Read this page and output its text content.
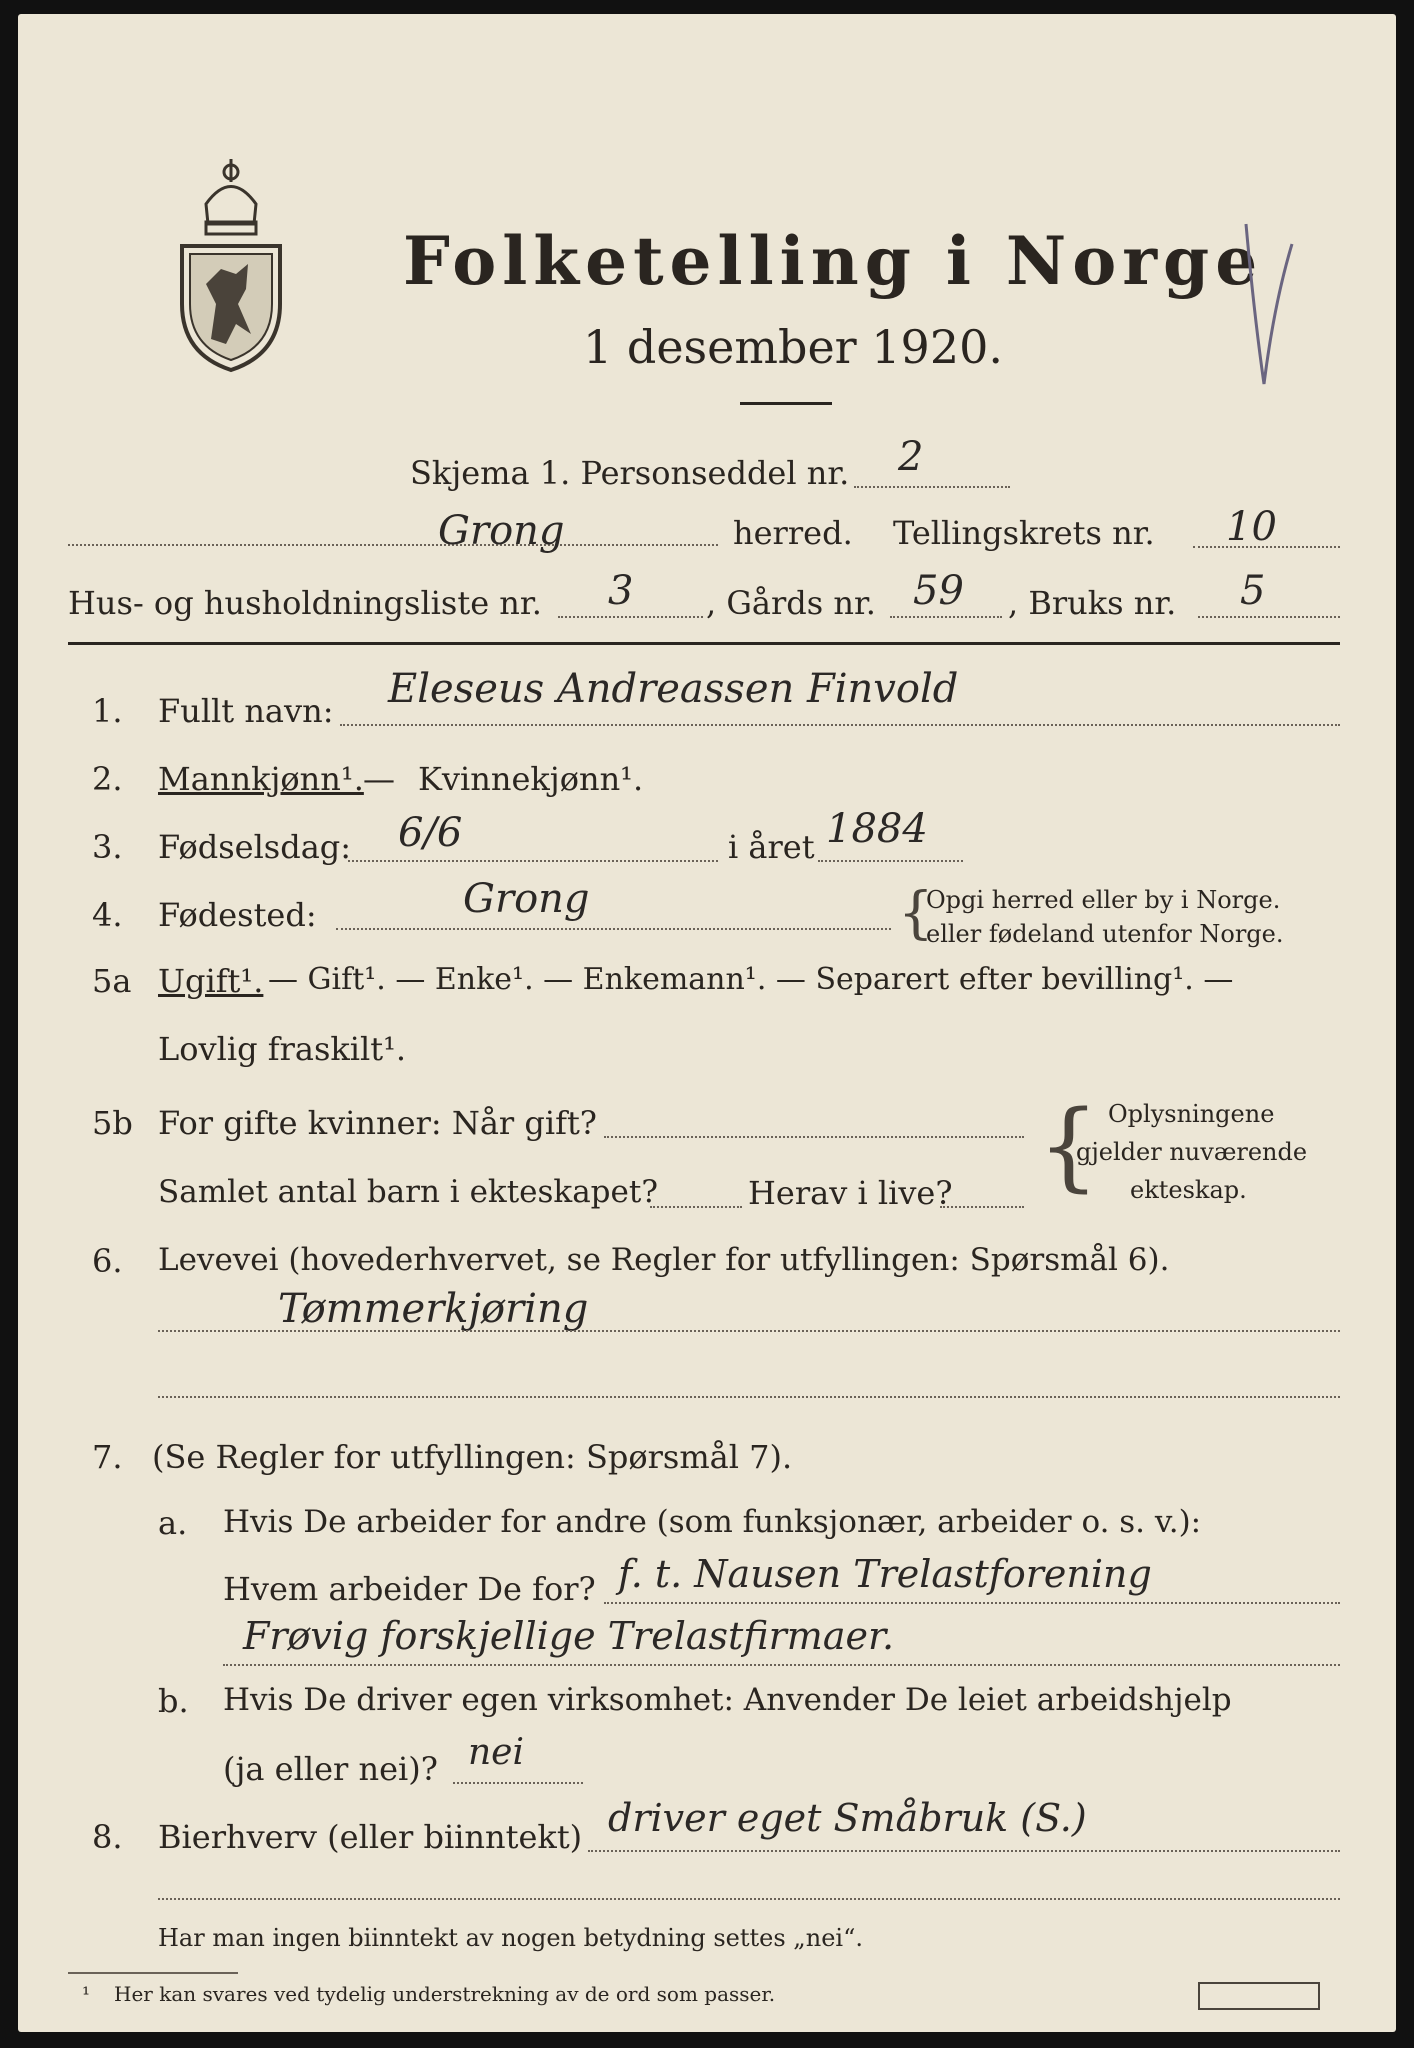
Folketelling i Norge
1 desember 1920.
Skjema 1. Personseddel nr. 2
Grong	herred. Tellingskrets nr. 10
Hus- og husholdningsliste nr. 3 , Gårds nr. 59 , Bruks nr. 5
1. Fullt navn: Eleseus Andreassen Finvold
2. Mannkjønn¹. — Kvinnekjønn¹.
3. Fødselsdag: 6/6	i året 1884
4. Fødested:	Grong	{
Opgi herred eller by i Norge.
eller fødeland utenfor Norge.
5a Ugift¹. — Gift¹. — Enke¹. — Enkemann¹. — Separert efter bevilling¹. —
Lovlig fraskilt¹.
5b For gifte kvinner: Når gift?
Samlet antal barn i ekteskapet?	Herav i live? { Oplysningene
gjelder nuværende
ekteskap.
6. Levevei (hovederhvervet, se Regler for utfyllingen: Spørsmål 6).
Tømmerkjøring
7. (Se Regler for utfyllingen: Spørsmål 7).
a. Hvis De arbeider for andre (som funksjonær, arbeider o. s. v.):
Hvem arbeider De for? f. t. Nausen Trelastforening
Frøvig forskjellige Trelastfirmaer.
b. Hvis De driver egen virksomhet: Anvender De leiet arbeidshjelp
(ja eller nei)? nei
8. Bierhverv (eller biinntekt) driver eget Småbruk (S.)
Har man ingen biinntekt av nogen betydning settes „nei“.
¹ Her kan svares ved tydelig understrekning av de ord som passer.
